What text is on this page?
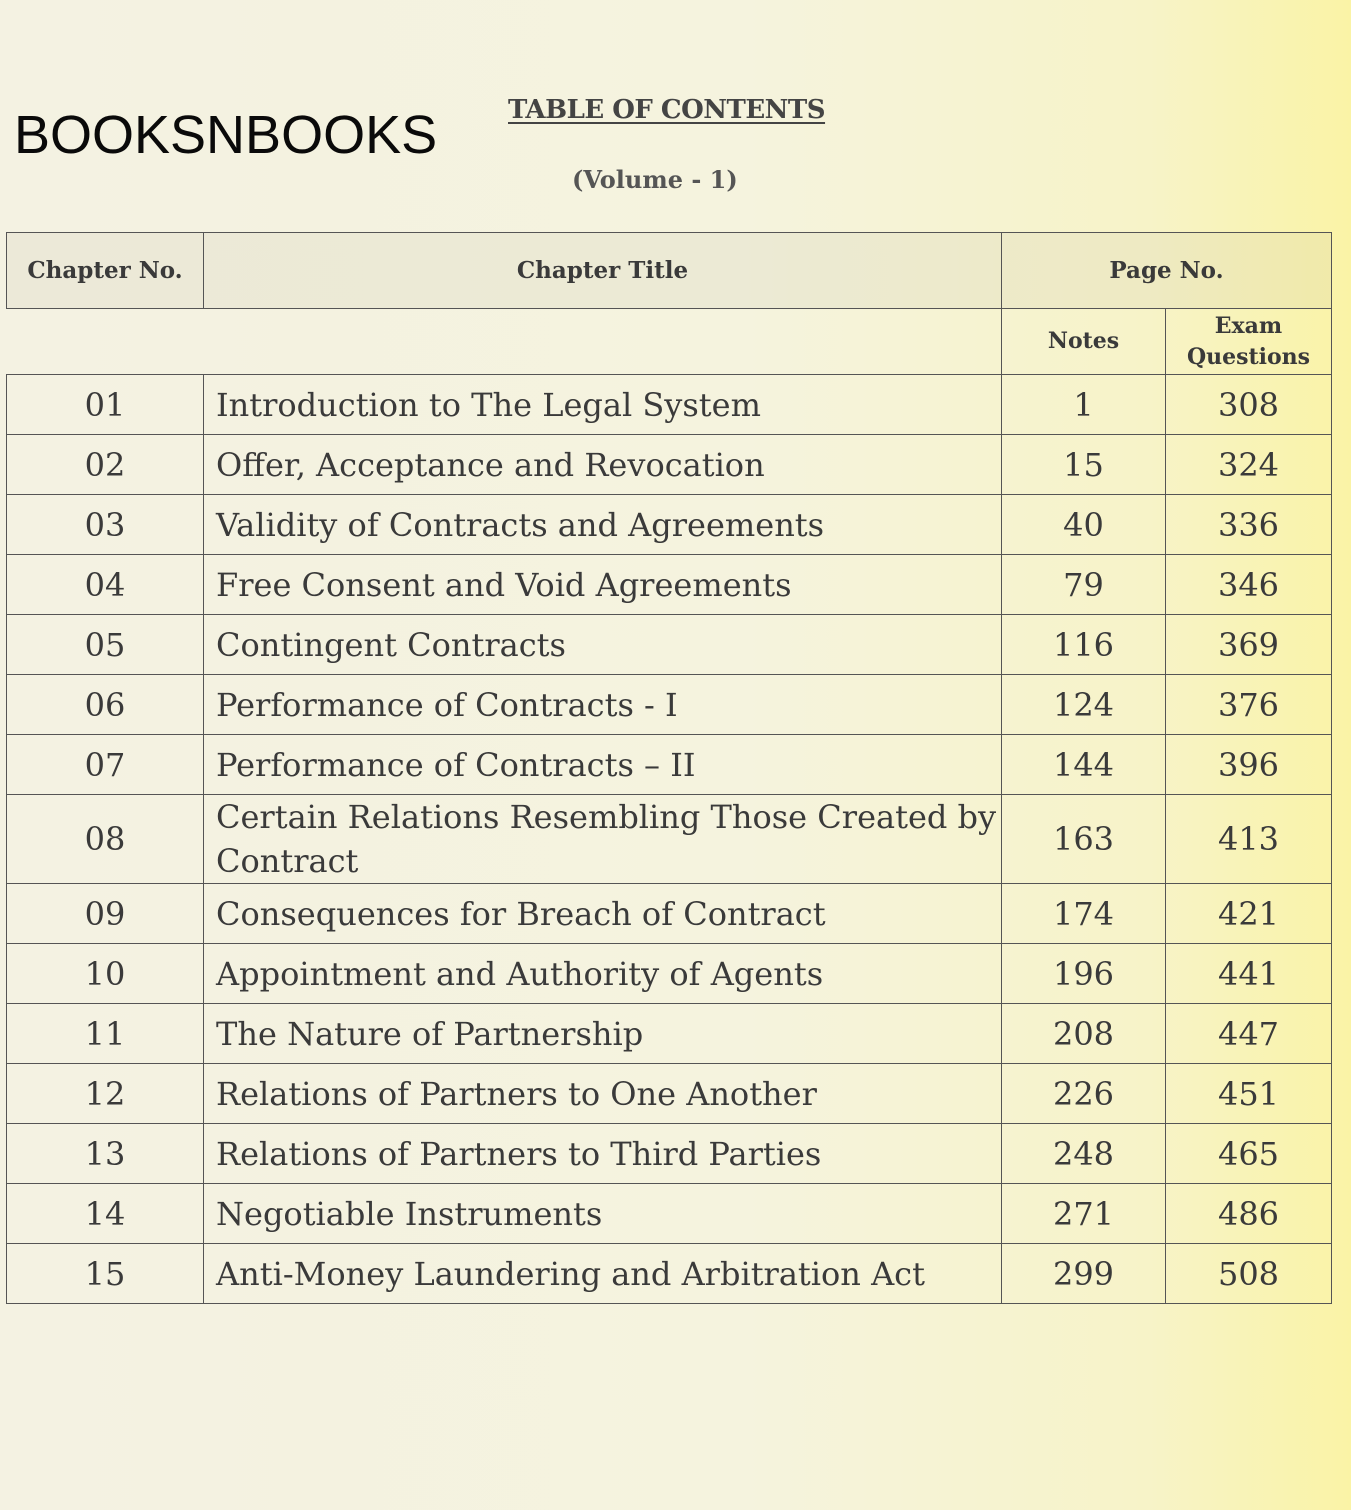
BOOKSNBOOKS	TABLE OF CONTENTS
(Volume - 1)
Chapter No.	Chapter Title	Page No.	
		Notes	Exam
Questions

01	Introduction to The Legal System	1	308
02	Offer, Acceptance and Revocation	15	324
03	Validity of Contracts and Agreements	40	336
04	Free Consent and Void Agreements	79	346
05	Contingent Contracts	116	369
06	Performance of Contracts - I	124	376
07	Performance of Contracts – II	144	396
08	Certain Relations Resembling Those Created by Contract	163	413
09	Consequences for Breach of Contract	174	421
10	Appointment and Authority of Agents	196	441
11	The Nature of Partnership	208	447
12	Relations of Partners to One Another	226	451
13	Relations of Partners to Third Parties	248	465
14	Negotiable Instruments	271	486
15	Anti-Money Laundering and Arbitration Act	299	508
